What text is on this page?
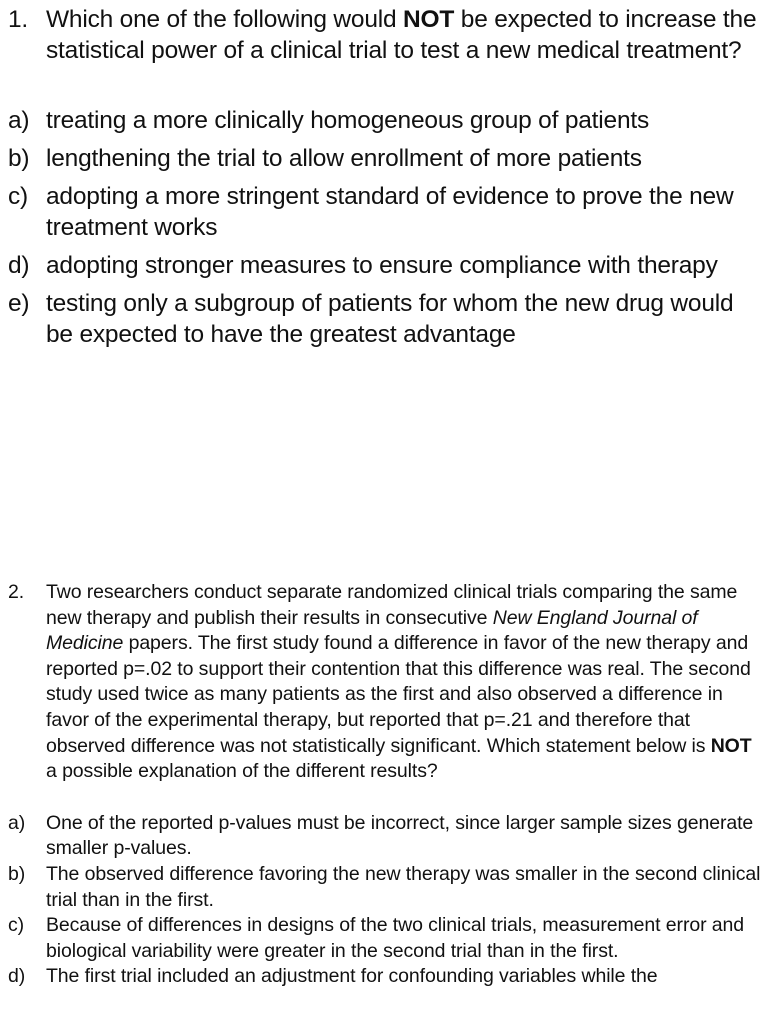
1. Which one of the following would NOT be expected to increase the statistical power of a clinical trial to test a new medical treatment?
a) treating a more clinically homogeneous group of patients
b) lengthening the trial to allow enrollment of more patients
c) adopting a more stringent standard of evidence to prove the new treatment works
d) adopting stronger measures to ensure compliance with therapy
e) testing only a subgroup of patients for whom the new drug would be expected to have the greatest advantage
2.	Two researchers conduct separate randomized clinical trials comparing the same new therapy and publish their results in consecutive New England Journal of Medicine papers. The first study found a difference in favor of the new therapy and reported p=.02 to support their contention that this difference was real. The second study used twice as many patients as the first and also observed a difference in favor of the experimental therapy, but reported that p=.21 and therefore that observed difference was not statistically significant. Which statement below is NOT a possible explanation of the different results?
a)	One of the reported p-values must be incorrect, since larger sample sizes generate smaller p-values.
b)	The observed difference favoring the new therapy was smaller in the second clinical trial than in the first.
c)	Because of differences in designs of the two clinical trials, measurement error and biological variability were greater in the second trial than in the first.
d)	The first trial included an adjustment for confounding variables while the
